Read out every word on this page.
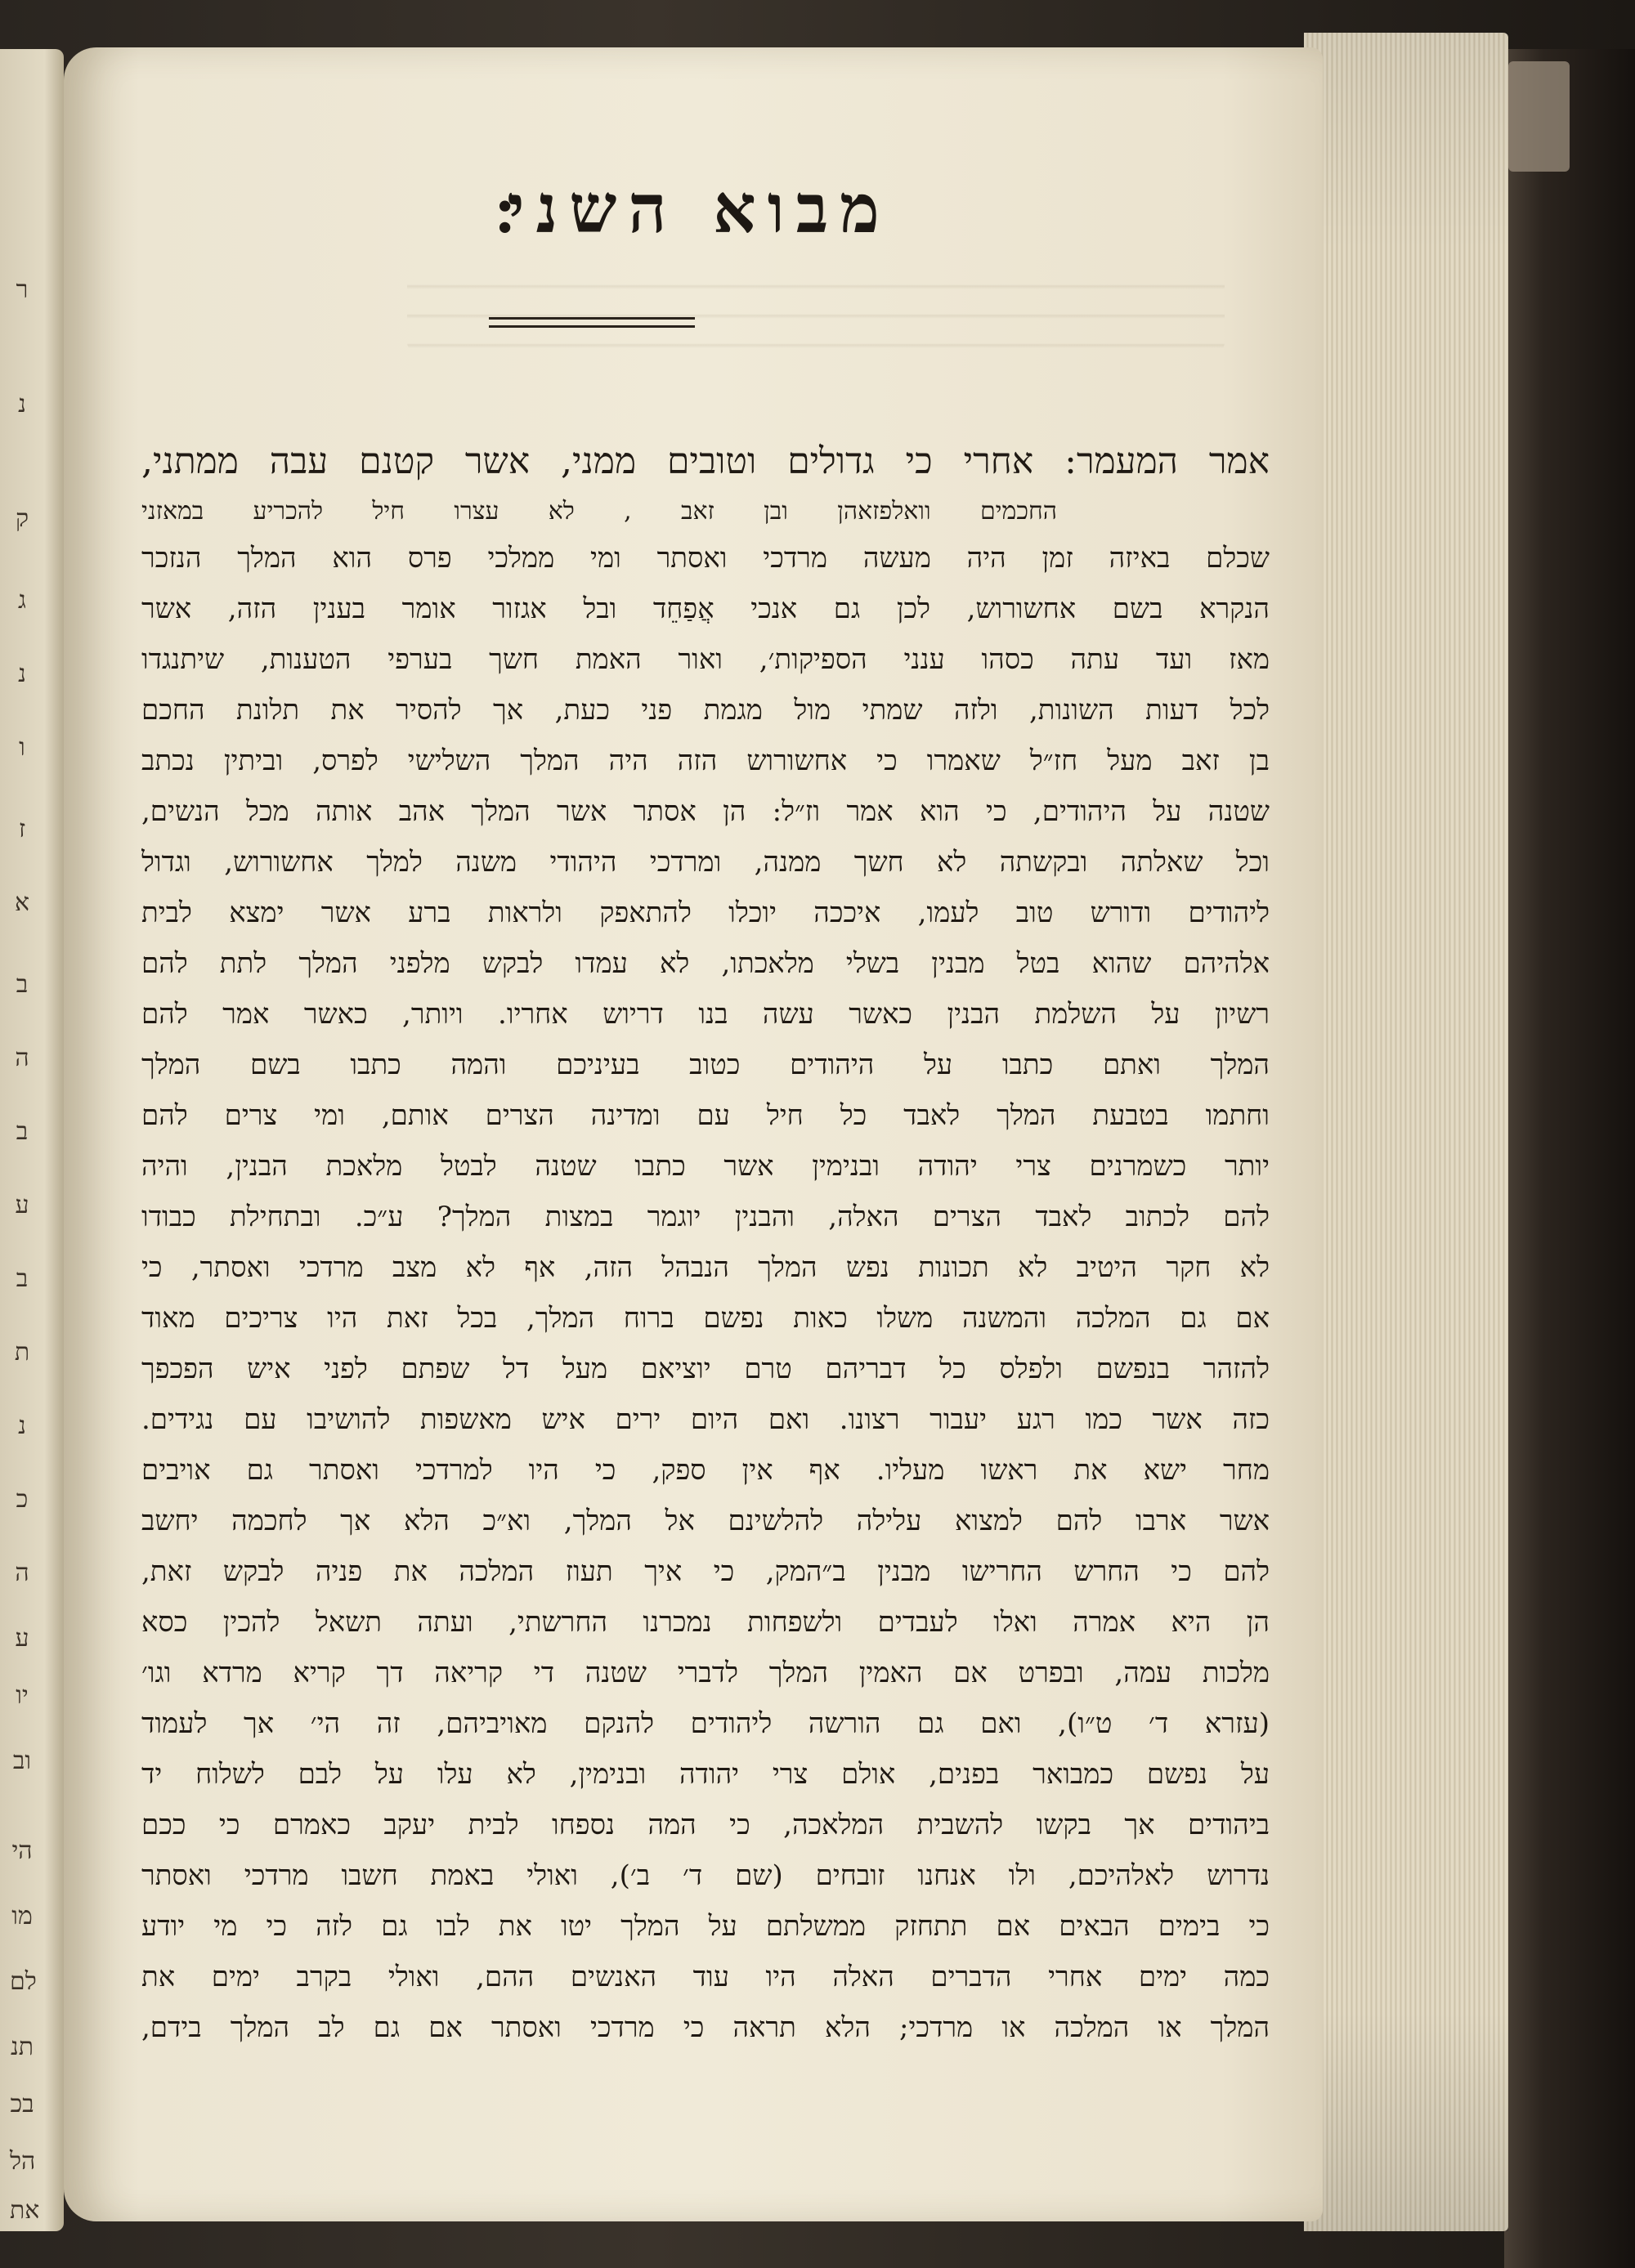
ר
נ
ק
ג
נ
ו
ז
א
ב
ה
ב
ע
ב
ת
נ
כ
ה
ע
יו
וב
הי
מו
לם
תנ
בכ
הל
את
מבוא השני׃
אמר המעמר: אחרי כי גדולים וטובים ממני, אשר קטנם עבה ממתני,
החכמים וואלפזאהן ובן זאב , לא עצרו חיל להכריע במאזני
שכלם באיזה זמן היה מעשה מרדכי ואסתר ומי ממלכי פרס הוא המלך הנזכר
הנקרא בשם אחשורוש, לכן גם אנכי אֲפַחֵד ובל אגזור אומר בענין הזה, אשר
מאז ועד עתה כסהו ענני הספיקות׳, ואור האמת חשך בערפי הטענות, שיתנגדו
לכל דעות השונות, ולזה שמתי מול מגמת פני כעת, אך להסיר את תלונת החכם
בן זאב מעל חז״ל שאמרו כי אחשורוש הזה היה המלך השלישי לפרס, וביתין נכתב
שטנה על היהודים, כי הוא אמר וז״ל: הן אסתר אשר המלך אהב אותה מכל הנשים,
וכל שאלתה ובקשתה לא חשך ממנה, ומרדכי היהודי משנה למלך אחשורוש, וגדול
ליהודים ודורש טוב לעמו, איככה יוכלו להתאפק ולראות ברע אשר ימצא לבית
אלהיהם שהוא בטל מבנין בשלי מלאכתו, לא עמדו לבקש מלפני המלך לתת להם
רשיון על השלמת הבנין כאשר עשה בנו דריוש אחריו. ויותר, כאשר אמר להם
המלך ואתם כתבו על היהודים כטוב בעיניכם והמה כתבו בשם המלך
וחתמו בטבעת המלך לאבד כל חיל עם ומדינה הצרים אותם, ומי צרים להם
יותר כשמרנים צרי יהודה ובנימין אשר כתבו שטנה לבטל מלאכת הבנין, והיה
להם לכתוב לאבד הצרים האלה, והבנין יוגמר במצות המלך? ע״כ. ובתחילת כבודו
לא חקר היטיב לא תכונות נפש המלך הנבהל הזה, אף לא מצב מרדכי ואסתר, כי
אם גם המלכה והמשנה משלו כאות נפשם ברוח המלך, בכל זאת היו צריכים מאוד
להזהר בנפשם ולפלס כל דבריהם טרם יוציאם מעל דל שפתם לפני איש הפכפך
כזה אשר כמו רגע יעבור רצונו. ואם היום ירים איש מאשפות להושיבו עם נגידים.
מחר ישא את ראשו מעליו. אף אין ספק, כי היו למרדכי ואסתר גם אויבים
אשר ארבו להם למצוא עלילה להלשינם אל המלך, וא״כ הלא אך לחכמה יחשב
להם כי החרש החרישו מבנין ב״המק, כי איך תעוז המלכה את פניה לבקש זאת,
הן היא אמרה ואלו לעבדים ולשפחות נמכרנו החרשתי, ועתה תשאל להכין כסא
מלכות עמה, ובפרט אם האמין המלך לדברי שטנה די קריאה דך קריא מרדא וגו׳
(עזרא ד׳ ט״ו), ואם גם הורשה ליהודים להנקם מאויביהם, זה הי׳ אך לעמוד
על נפשם כמבואר בפנים, אולם צרי יהודה ובנימין, לא עלו על לבם לשלוח יד
ביהודים אך בקשו להשבית המלאכה, כי המה נספחו לבית יעקב כאמרם כי ככם
נדרוש לאלהיכם, ולו אנחנו זובחים (שם ד׳ ב׳), ואולי באמת חשבו מרדכי ואסתר
כי בימים הבאים אם תתחזק ממשלתם על המלך יטו את לבו גם לזה כי מי יודע
כמה ימים אחרי הדברים האלה היו עוד האנשים ההם, ואולי בקרב ימים את
המלך או המלכה או מרדכי; הלא תראה כי מרדכי ואסתר אם גם לב המלך בידם,
